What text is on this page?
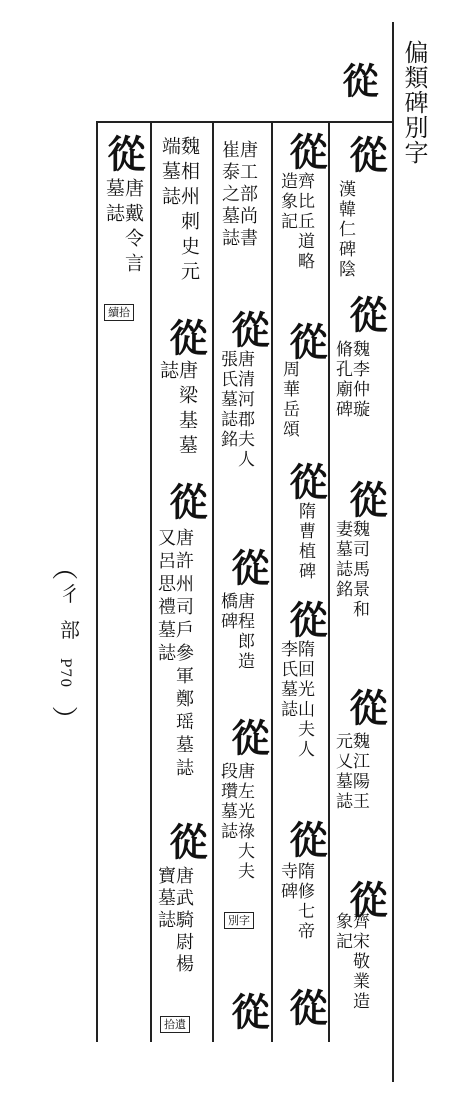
偏類碑別字
從
︵
彳
部
P70
︶
從
漢韓仁碑陰
從
魏李仲璇脩孔廟碑
從
魏司馬景和妻墓誌銘
從
魏江陽王元乂墓誌
從
齊宋敬業造象記
從
齊比丘道略造象記
從
周華岳頌
從
隋曹植碑
從
隋回光山夫人李氏墓誌
從
隋修七帝寺碑
從
唐工部尚書崔泰之墓誌
從
唐清河郡夫人張氏墓誌銘
從
唐程郎造橋碑
從
唐左光祿大夫段瓚墓誌
別字
從
魏相州刺史元端墓誌
從
唐梁基墓誌
從
唐許州司戶參軍鄭瑶墓誌又呂思禮墓誌
從
唐武騎尉楊寶墓誌
拾遺
從
唐戴令言墓誌
續拾
